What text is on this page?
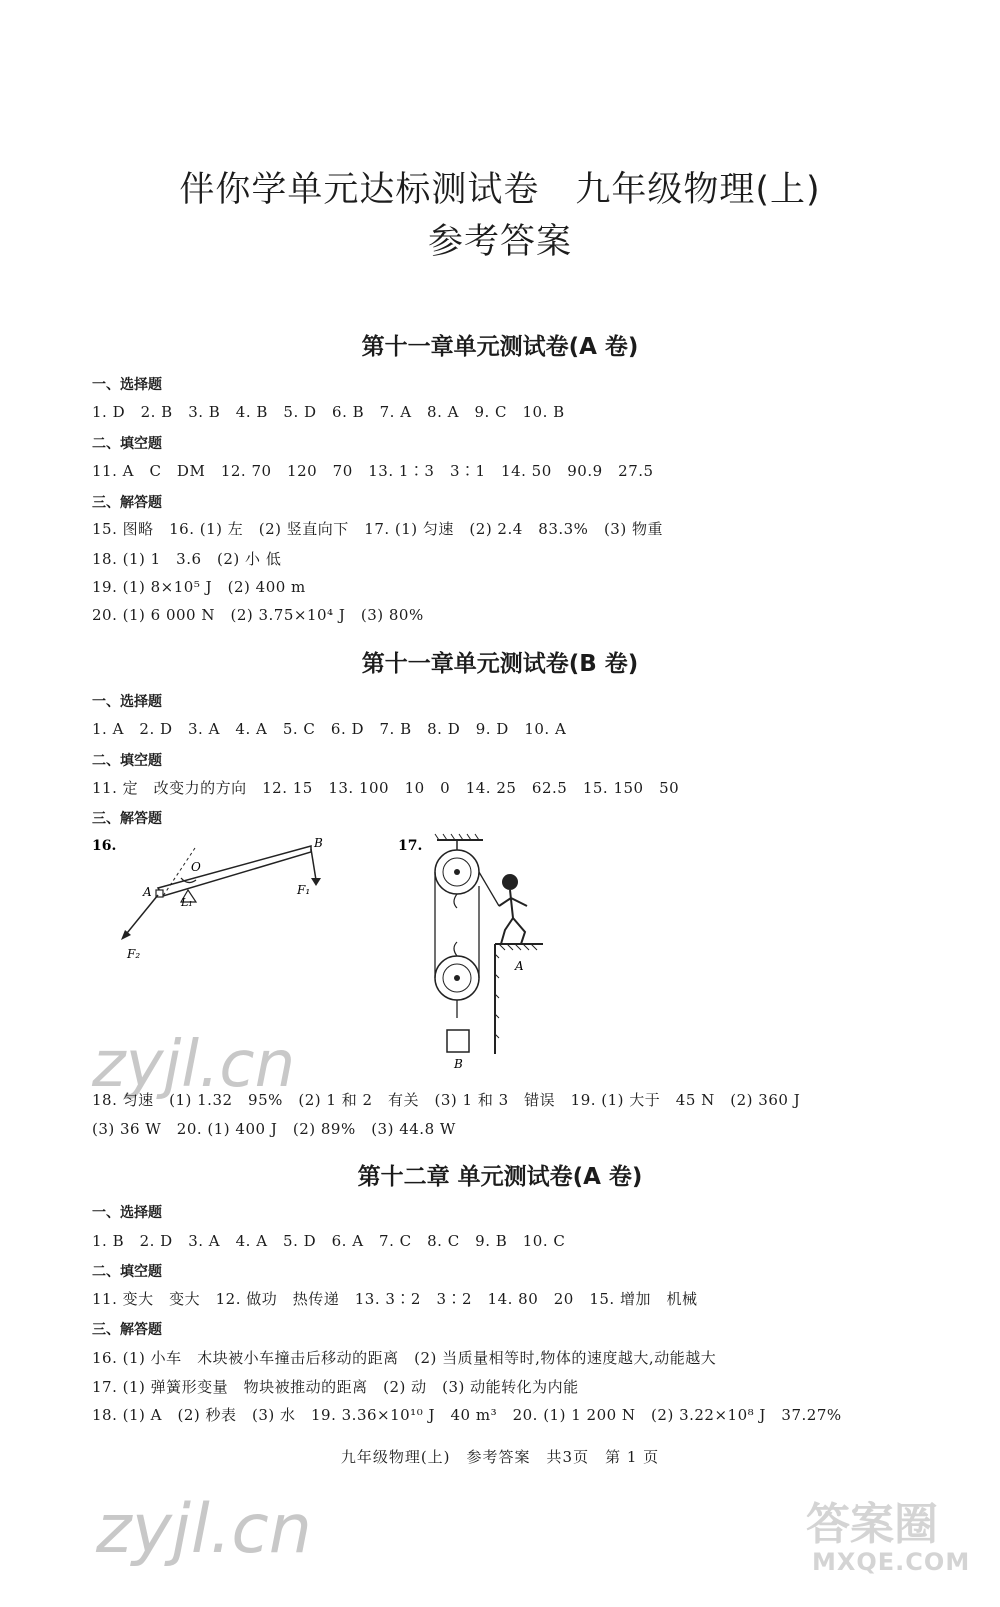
伴你学单元达标测试卷　九年级物理(上)
参考答案
第十一章单元测试卷(A 卷)
一、选择题
1. D　2. B　3. B　4. B　5. D　6. B　7. A　8. A　9. C　10. B
二、填空题
11. A　C　DM　12. 70　120　70　13. 1∶3　3∶1　14. 50　90.9　27.5
三、解答题
15. 图略　16. (1) 左　(2) 竖直向下　17. (1) 匀速　(2) 2.4　83.3%　(3) 物重
18. (1) 1　3.6　(2) 小 低
19. (1) 8×10⁵ J　(2) 400 m
20. (1) 6 000 N　(2) 3.75×10⁴ J　(3) 80%
第十一章单元测试卷(B 卷)
一、选择题
1. A　2. D　3. A　4. A　5. C　6. D　7. B　8. D　9. D　10. A
二、填空题
11. 定　改变力的方向　12. 15　13. 100　10　0　14. 25　62.5　15. 150　50
三、解答题
16.
O
B
A	F₁
F₂
L₁
17.
B
A
zyjl.cn
18. 匀速　(1) 1.32　95%　(2) 1 和 2　有关　(3) 1 和 3　错误　19. (1) 大于　45 N　(2) 360 J
(3) 36 W　20. (1) 400 J　(2) 89%　(3) 44.8 W
第十二章 单元测试卷(A 卷)
一、选择题
1. B　2. D　3. A　4. A　5. D　6. A　7. C　8. C　9. B　10. C
二、填空题
11. 变大　变大　12. 做功　热传递　13. 3∶2　3∶2　14. 80　20　15. 增加　机械
三、解答题
16. (1) 小车　木块被小车撞击后移动的距离　(2) 当质量相等时,物体的速度越大,动能越大
17. (1) 弹簧形变量　物块被推动的距离　(2) 动　(3) 动能转化为内能
18. (1) A　(2) 秒表　(3) 水　19. 3.36×10¹⁰ J　40 m³　20. (1) 1 200 N　(2) 3.22×10⁸ J　37.27%
九年级物理(上)　参考答案　共3页　第 1 页
zyjl.cn	答案圈
MXQE.COM
